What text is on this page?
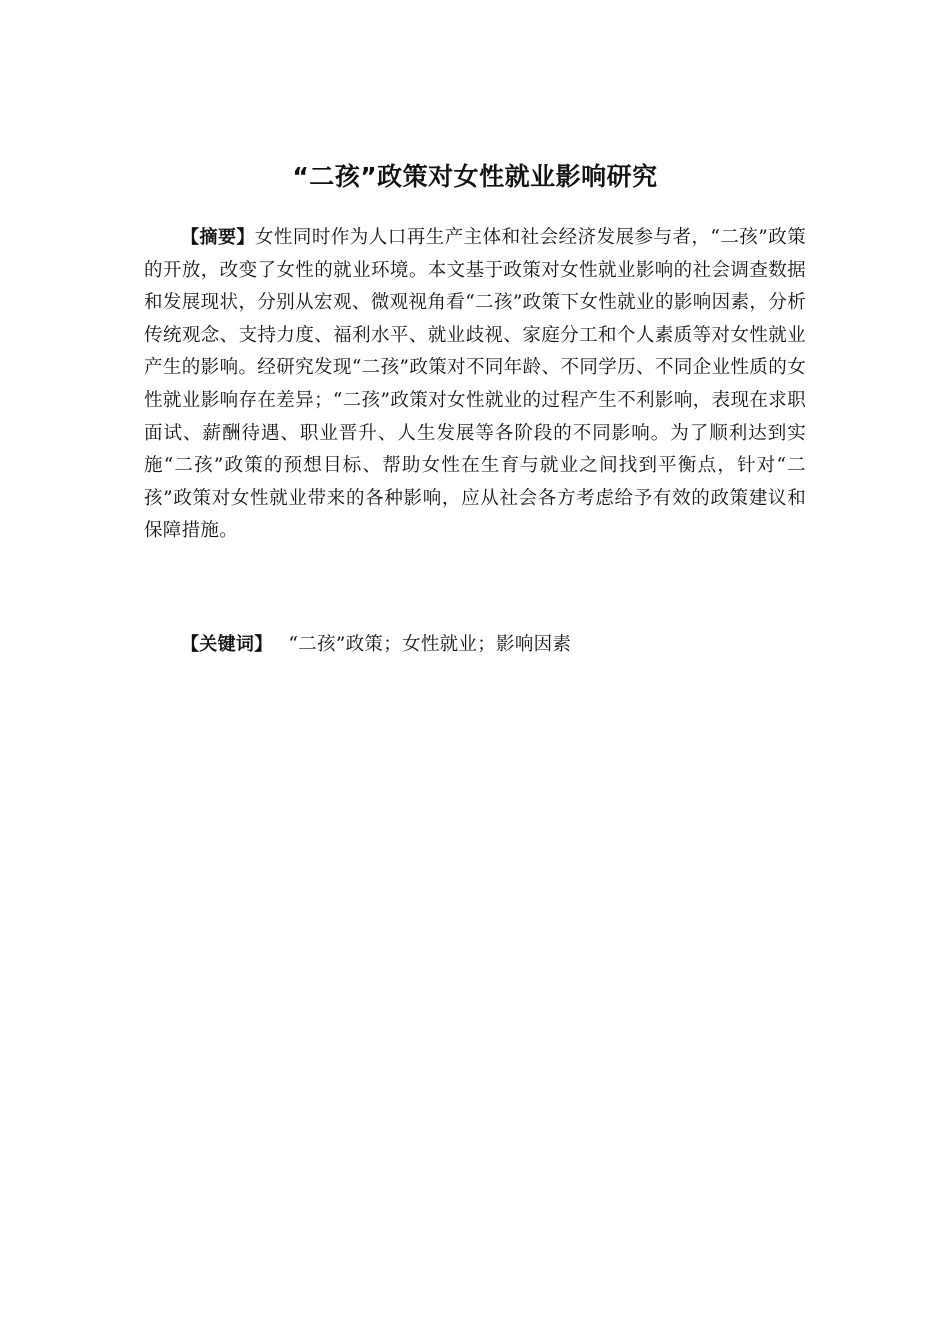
“二孩”政策对女性就业影响研究
【摘要】女性同时作为人口再生产主体和社会经济发展参与者，“二孩”政策的开放，改变了女性的就业环境。本文基于政策对女性就业影响的社会调查数据和发展现状，分别从宏观、微观视角看“二孩”政策下女性就业的影响因素，分析传统观念、支持力度、福利水平、就业歧视、家庭分工和个人素质等对女性就业产生的影响。经研究发现“二孩”政策对不同年龄、不同学历、不同企业性质的女性就业影响存在差异；“二孩”政策对女性就业的过程产生不利影响，表现在求职面试、薪酬待遇、职业晋升、人生发展等各阶段的不同影响。为了顺利达到实施“二孩”政策的预想目标、帮助女性在生育与就业之间找到平衡点，针对“二孩”政策对女性就业带来的各种影响，应从社会各方考虑给予有效的政策建议和保障措施。
【关键词】 “二孩”政策；女性就业；影响因素
